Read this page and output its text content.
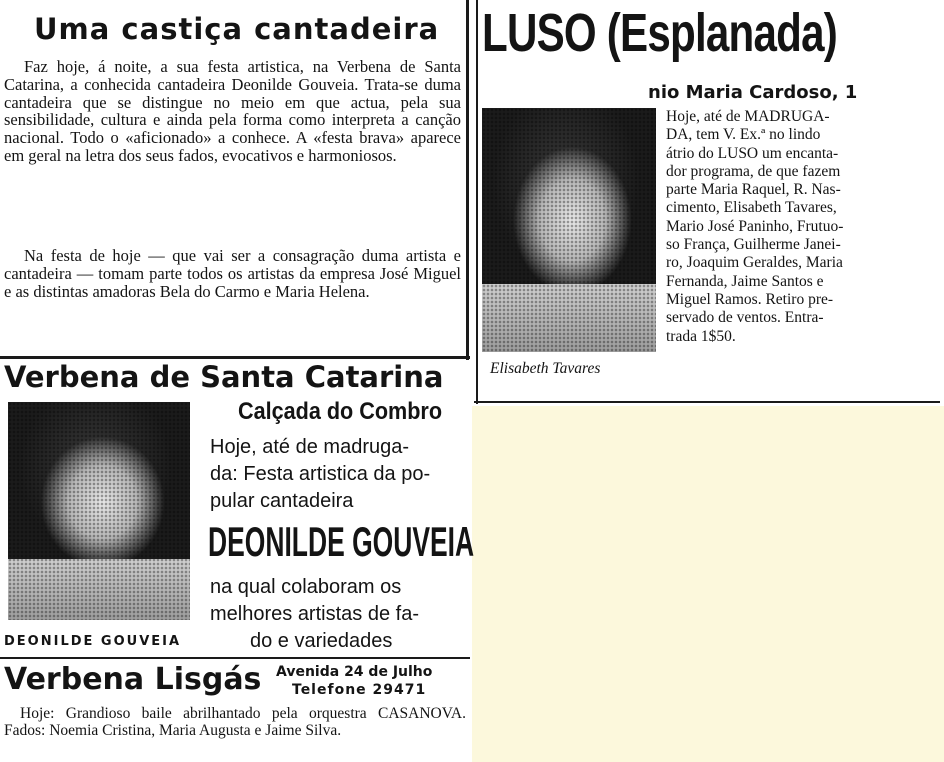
Uma castiça cantadeira
Faz hoje, á noite, a sua festa artistica, na Verbena de Santa Catarina, a conhecida cantadeira Deonilde Gouveia. Trata-se duma cantadeira que se distingue no meio em que actua, pela sua sensibilidade, cultura e ainda pela forma como interpreta a canção nacional. Todo o «aficionado» a conhece. A «festa brava» aparece em geral na letra dos seus fados, evocativos e harmoniosos.
Na festa de hoje — que vai ser a consagração duma artista e cantadeira — tomam parte todos os artistas da empresa José Miguel e as distintas amadoras Bela do Carmo e Maria Helena.
LUSO (Esplanada)
nio Maria Cardoso, 1
Elisabeth Tavares
Hoje, até de MADRUGA-
DA, tem V. Ex.ª no lindo
átrio do LUSO um encanta-
dor programa, de que fazem
parte Maria Raquel, R. Nas-
cimento, Elisabeth Tavares,
Mario José Paninho, Frutuo-
so França, Guilherme Janei-
ro, Joaquim Geraldes, Maria
Fernanda, Jaime Santos e
Miguel Ramos. Retiro pre-
servado de ventos. Entra-
trada 1$50.
Verbena de Santa Catarina
DEONILDE GOUVEIA
Calçada do Combro
Hoje, até de madruga-
da: Festa artistica da po-
pular cantadeira
DEONILDE GOUVEIA
na qual colaboram os
melhores artistas de fa-
do e variedades
Verbena Lisgás	Avenida 24 de Julho
Telefone 29471
Hoje: Grandioso baile abrilhantado pela orquestra CASANOVA. Fados: Noemia Cristina, Maria Augusta e Jaime Silva.
